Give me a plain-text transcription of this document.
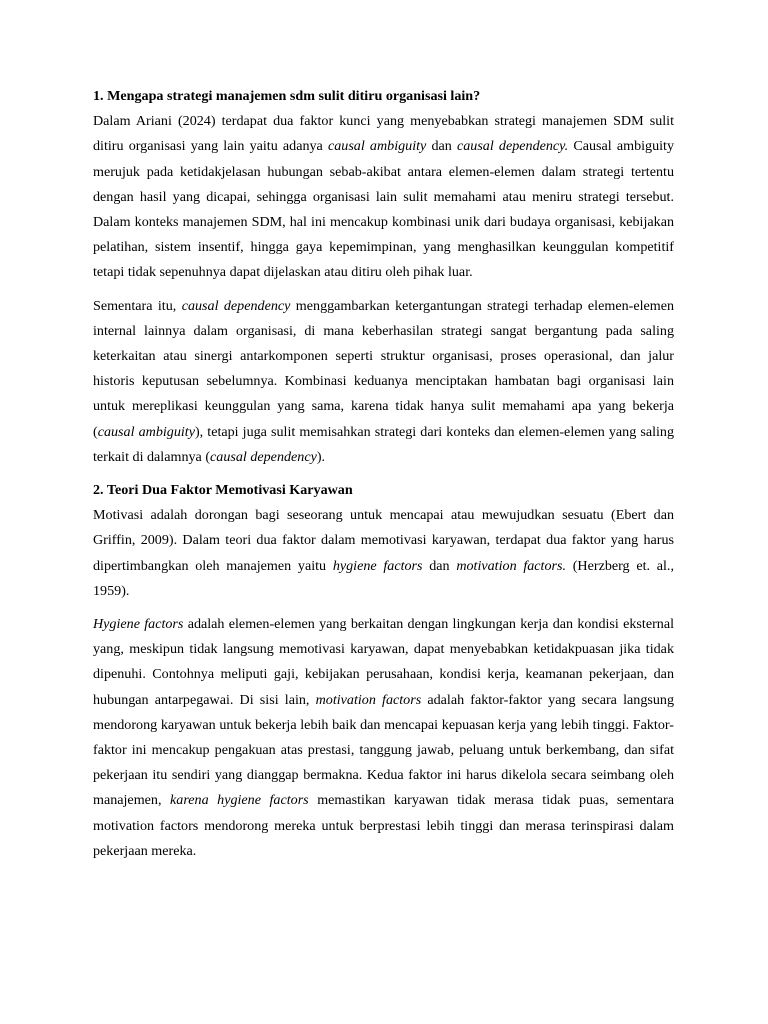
1. Mengapa strategi manajemen sdm sulit ditiru organisasi lain?

Dalam Ariani (2024) terdapat dua faktor kunci yang menyebabkan strategi manajemen SDM sulit ditiru organisasi yang lain yaitu adanya causal ambiguity dan causal dependency. Causal ambiguity merujuk pada ketidakjelasan hubungan sebab-akibat antara elemen-elemen dalam strategi tertentu dengan hasil yang dicapai, sehingga organisasi lain sulit memahami atau meniru strategi tersebut. Dalam konteks manajemen SDM, hal ini mencakup kombinasi unik dari budaya organisasi, kebijakan pelatihan, sistem insentif, hingga gaya kepemimpinan, yang menghasilkan keunggulan kompetitif tetapi tidak sepenuhnya dapat dijelaskan atau ditiru oleh pihak luar.

Sementara itu, causal dependency menggambarkan ketergantungan strategi terhadap elemen-elemen internal lainnya dalam organisasi, di mana keberhasilan strategi sangat bergantung pada saling keterkaitan atau sinergi antarkomponen seperti struktur organisasi, proses operasional, dan jalur historis keputusan sebelumnya. Kombinasi keduanya menciptakan hambatan bagi organisasi lain untuk mereplikasi keunggulan yang sama, karena tidak hanya sulit memahami apa yang bekerja (causal ambiguity), tetapi juga sulit memisahkan strategi dari konteks dan elemen-elemen yang saling terkait di dalamnya (causal dependency).

2. Teori Dua Faktor Memotivasi Karyawan

Motivasi adalah dorongan bagi seseorang untuk mencapai atau mewujudkan sesuatu (Ebert dan Griffin, 2009). Dalam teori dua faktor dalam memotivasi karyawan, terdapat dua faktor yang harus dipertimbangkan oleh manajemen yaitu hygiene factors dan motivation factors. (Herzberg et. al., 1959).

Hygiene factors adalah elemen-elemen yang berkaitan dengan lingkungan kerja dan kondisi eksternal yang, meskipun tidak langsung memotivasi karyawan, dapat menyebabkan ketidakpuasan jika tidak dipenuhi. Contohnya meliputi gaji, kebijakan perusahaan, kondisi kerja, keamanan pekerjaan, dan hubungan antarpegawai. Di sisi lain, motivation factors adalah faktor-faktor yang secara langsung mendorong karyawan untuk bekerja lebih baik dan mencapai kepuasan kerja yang lebih tinggi. Faktor-faktor ini mencakup pengakuan atas prestasi, tanggung jawab, peluang untuk berkembang, dan sifat pekerjaan itu sendiri yang dianggap bermakna. Kedua faktor ini harus dikelola secara seimbang oleh manajemen, karena hygiene factors memastikan karyawan tidak merasa tidak puas, sementara motivation factors mendorong mereka untuk berprestasi lebih tinggi dan merasa terinspirasi dalam pekerjaan mereka.
